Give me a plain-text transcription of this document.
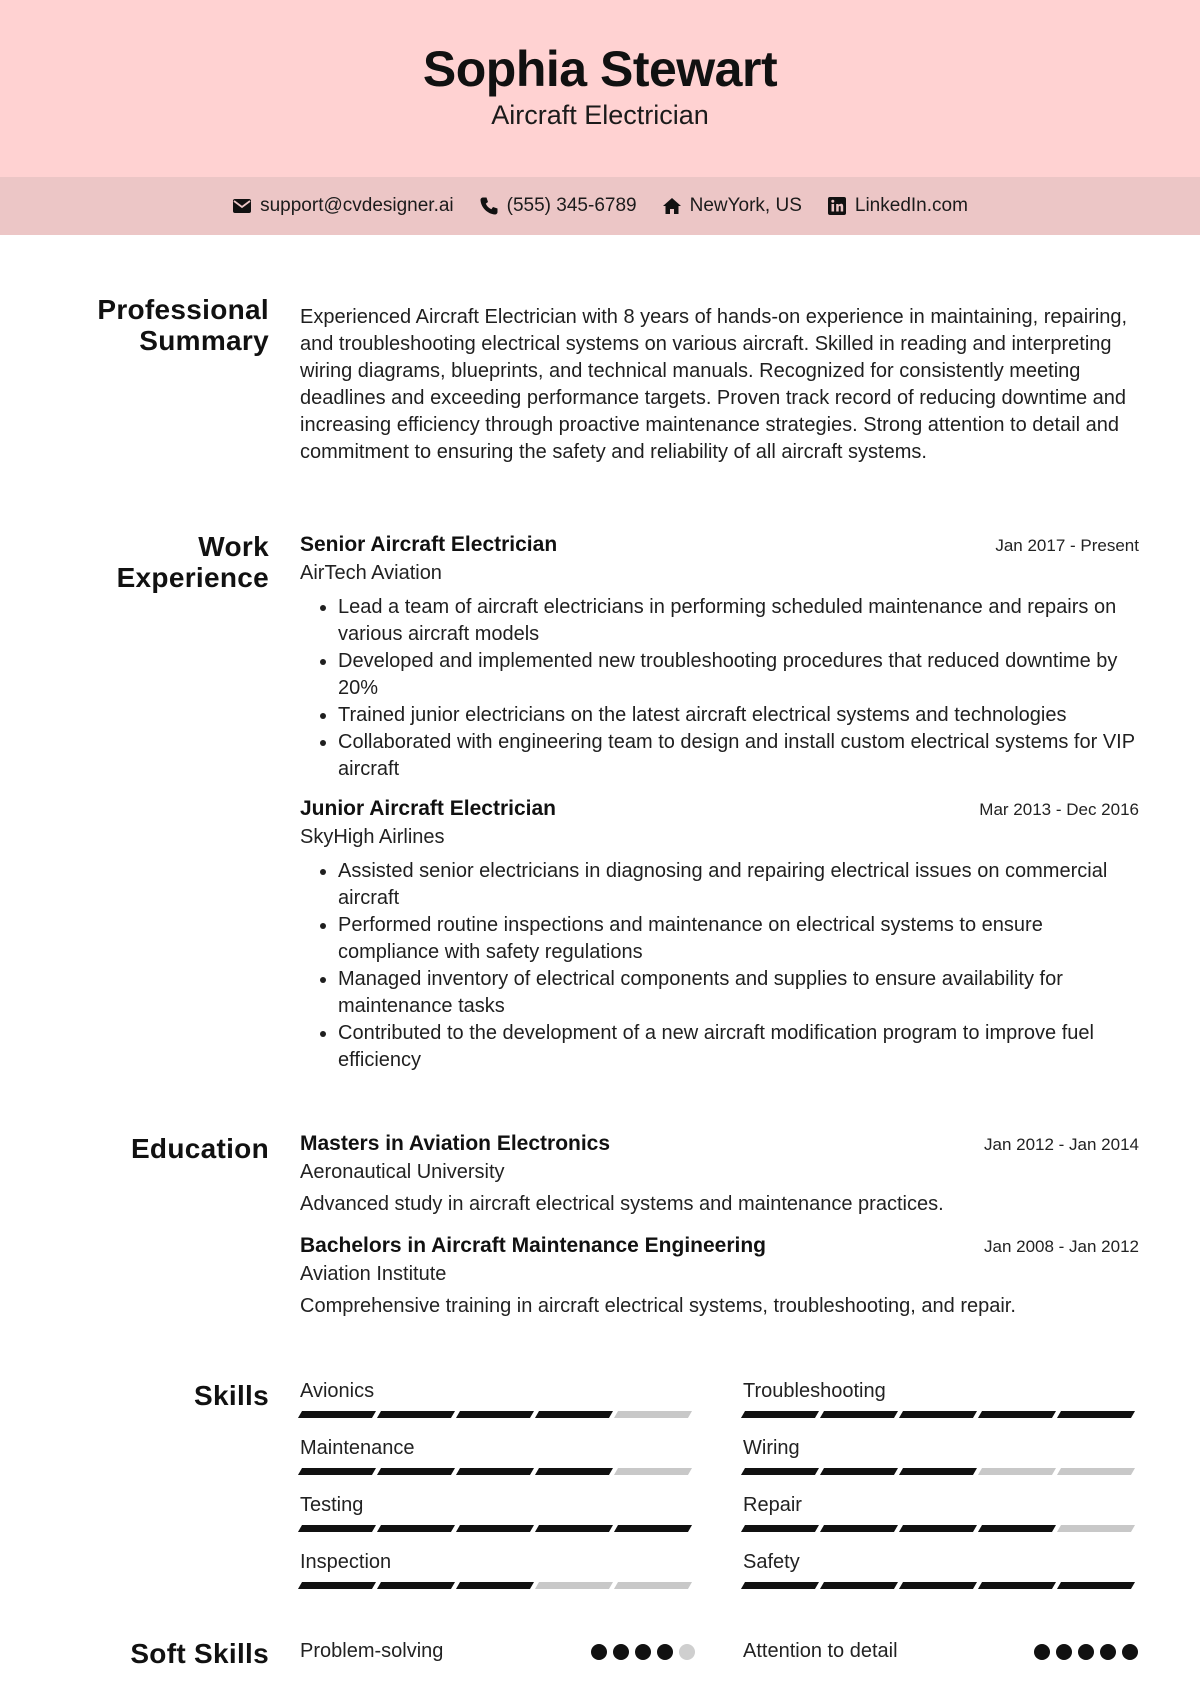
Sophia Stewart
Aircraft Electrician
support@cvdesigner.ai	(555) 345-6789	NewYork, US	LinkedIn.com
Professional
Summary
Experienced Aircraft Electrician with 8 years of hands-on experience in maintaining, repairing, and troubleshooting electrical systems on various aircraft. Skilled in reading and interpreting wiring diagrams, blueprints, and technical manuals. Recognized for consistently meeting deadlines and exceeding performance targets. Proven track record of reducing downtime and increasing efficiency through proactive maintenance strategies. Strong attention to detail and commitment to ensuring the safety and reliability of all aircraft systems.
Work
Experience
Senior Aircraft Electrician	Jan 2017 - Present
AirTech Aviation
• Lead a team of aircraft electricians in performing scheduled maintenance and repairs on various aircraft models
• Developed and implemented new troubleshooting procedures that reduced downtime by 20%
• Trained junior electricians on the latest aircraft electrical systems and technologies
• Collaborated with engineering team to design and install custom electrical systems for VIP aircraft
Junior Aircraft Electrician	Mar 2013 - Dec 2016
SkyHigh Airlines
• Assisted senior electricians in diagnosing and repairing electrical issues on commercial aircraft
• Performed routine inspections and maintenance on electrical systems to ensure compliance with safety regulations
• Managed inventory of electrical components and supplies to ensure availability for maintenance tasks
• Contributed to the development of a new aircraft modification program to improve fuel efficiency
Education Masters in Aviation Electronics	Jan 2012 - Jan 2014
Aeronautical University
Advanced study in aircraft electrical systems and maintenance practices.
Bachelors in Aircraft Maintenance Engineering	Jan 2008 - Jan 2012
Aviation Institute
Comprehensive training in aircraft electrical systems, troubleshooting, and repair.
Skills Avionics	Troubleshooting
Maintenance	Wiring
Testing	Repair
Inspection	Safety
Soft Skills Problem-solving	Attention to detail
